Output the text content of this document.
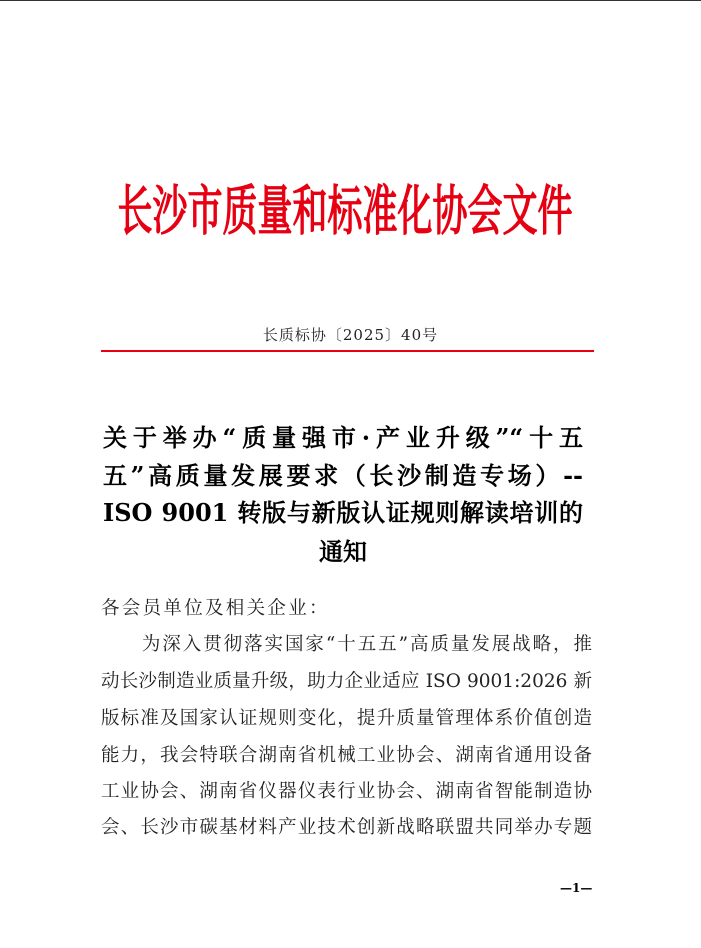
长沙市质量和标准化协会文件
长质标协〔2025〕40号
关于举办“质量强市·产业升级”“十五
五”高质量发展要求（长沙制造专场）--
ISO 9001 转版与新版认证规则解读培训的
通知
各会员单位及相关企业：
　　为深入贯彻落实国家“十五五”高质量发展战略，推
动长沙制造业质量升级，助力企业适应 ISO 9001:2026 新
版标准及国家认证规则变化，提升质量管理体系价值创造
能力，我会特联合湖南省机械工业协会、湖南省通用设备
工业协会、湖南省仪器仪表行业协会、湖南省智能制造协
会、长沙市碳基材料产业技术创新战略联盟共同举办专题
—1—
